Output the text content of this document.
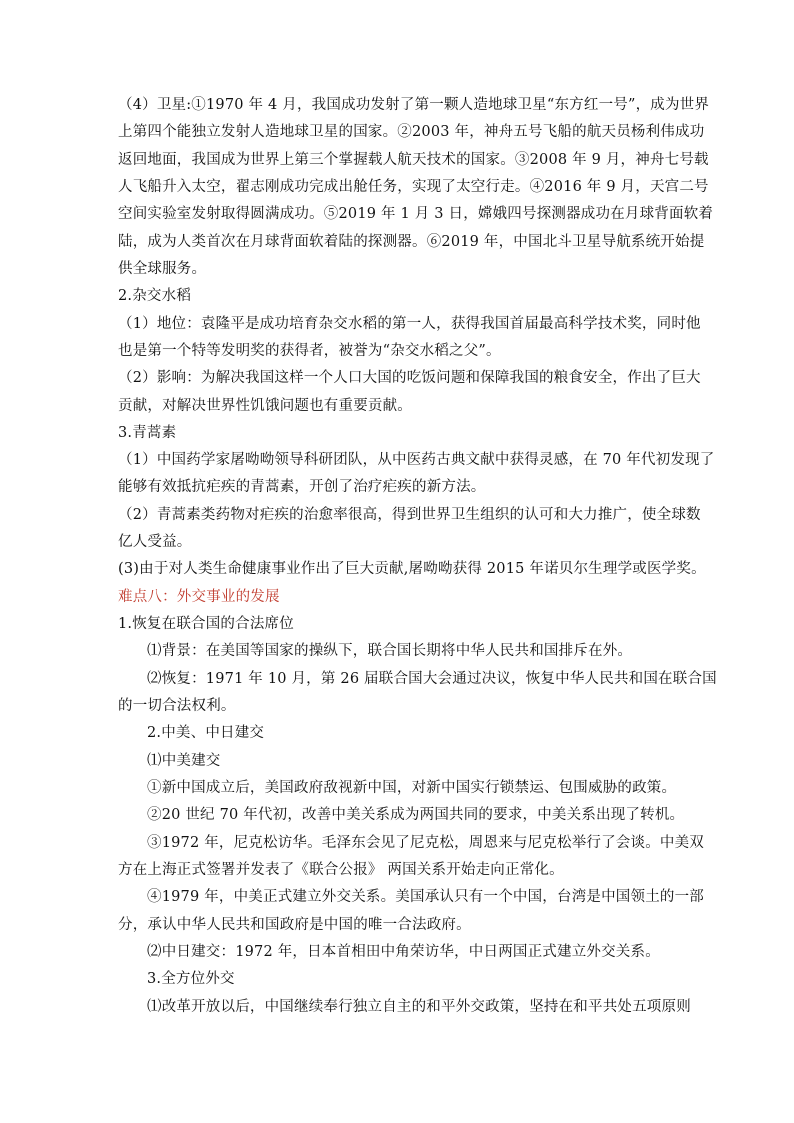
（4）卫星:①1970 年 4 月，我国成功发射了第一颗人造地球卫星“东方红一号”，成为世界
上第四个能独立发射人造地球卫星的国家。②2003 年，神舟五号飞船的航天员杨利伟成功
返回地面，我国成为世界上第三个掌握载人航天技术的国家。③2008 年 9 月，神舟七号载
人飞船升入太空，翟志刚成功完成出舱任务，实现了太空行走。④2016 年 9 月，天宫二号
空间实验室发射取得圆满成功。⑤2019 年 1 月 3 日，嫦娥四号探测器成功在月球背面软着
陆，成为人类首次在月球背面软着陆的探测器。⑥2019 年，中国北斗卫星导航系统开始提
供全球服务。
2.杂交水稻
（1）地位：袁隆平是成功培育杂交水稻的第一人，获得我国首届最高科学技术奖，同时他
也是第一个特等发明奖的获得者，被誉为“杂交水稻之父”。
（2）影响：为解决我国这样一个人口大国的吃饭问题和保障我国的粮食安全，作出了巨大
贡献，对解决世界性饥饿问题也有重要贡献。
3.青蒿素
（1）中国药学家屠呦呦领导科研团队，从中医药古典文献中获得灵感，在 70 年代初发现了
能够有效抵抗疟疾的青蒿素，开创了治疗疟疾的新方法。
（2）青蒿素类药物对疟疾的治愈率很高，得到世界卫生组织的认可和大力推广，使全球数
亿人受益。
(3)由于对人类生命健康事业作出了巨大贡献,屠呦呦获得 2015 年诺贝尔生理学或医学奖。
难点八：外交事业的发展
1.恢复在联合国的合法席位
⑴背景：在美国等国家的操纵下，联合国长期将中华人民共和国排斥在外。
⑵恢复：1971 年 10 月，第 26 届联合国大会通过决议，恢复中华人民共和国在联合国
的一切合法权利。
2.中美、中日建交
⑴中美建交
①新中国成立后，美国政府敌视新中国，对新中国实行锁禁运、包围威胁的政策。
②20 世纪 70 年代初，改善中美关系成为两国共同的要求，中美关系出现了转机。
③1972 年，尼克松访华。毛泽东会见了尼克松，周恩来与尼克松举行了会谈。中美双
方在上海正式签署并发表了《联合公报》 两国关系开始走向正常化。
④1979 年，中美正式建立外交关系。美国承认只有一个中国，台湾是中国领土的一部
分，承认中华人民共和国政府是中国的唯一合法政府。
⑵中日建交：1972 年，日本首相田中角荣访华，中日两国正式建立外交关系。
3.全方位外交
⑴改革开放以后，中国继续奉行独立自主的和平外交政策，坚持在和平共处五项原则
